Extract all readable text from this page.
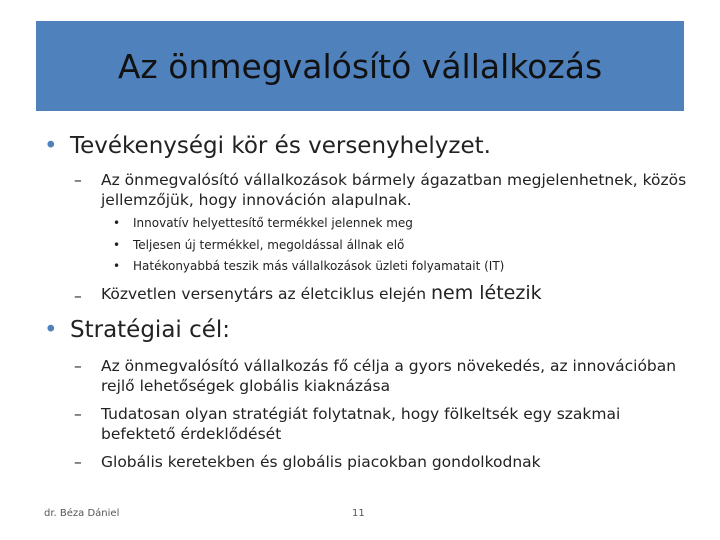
Az önmegvalósító vállalkozás
• Tevékenységi kör és versenyhelyzet.
–	Az önmegvalósító vállalkozások bármely ágazatban megjelenhetnek, közös jellemzőjük, hogy innováción alapulnak.
• Innovatív helyettesítő termékkel jelennek meg
• Teljesen új termékkel, megoldással állnak elő
• Hatékonyabbá teszik más vállalkozások üzleti folyamatait (IT)
–	Közvetlen versenytárs az életciklus elején nem létezik
• Stratégiai cél:
–	Az önmegvalósító vállalkozás fő célja a gyors növekedés, az innovációban rejlő lehetőségek globális kiaknázása
–	Tudatosan olyan stratégiát folytatnak, hogy fölkeltsék egy szakmai befektető érdeklődését
–	Globális keretekben és globális piacokban gondolkodnak
dr. Béza Dániel	11
